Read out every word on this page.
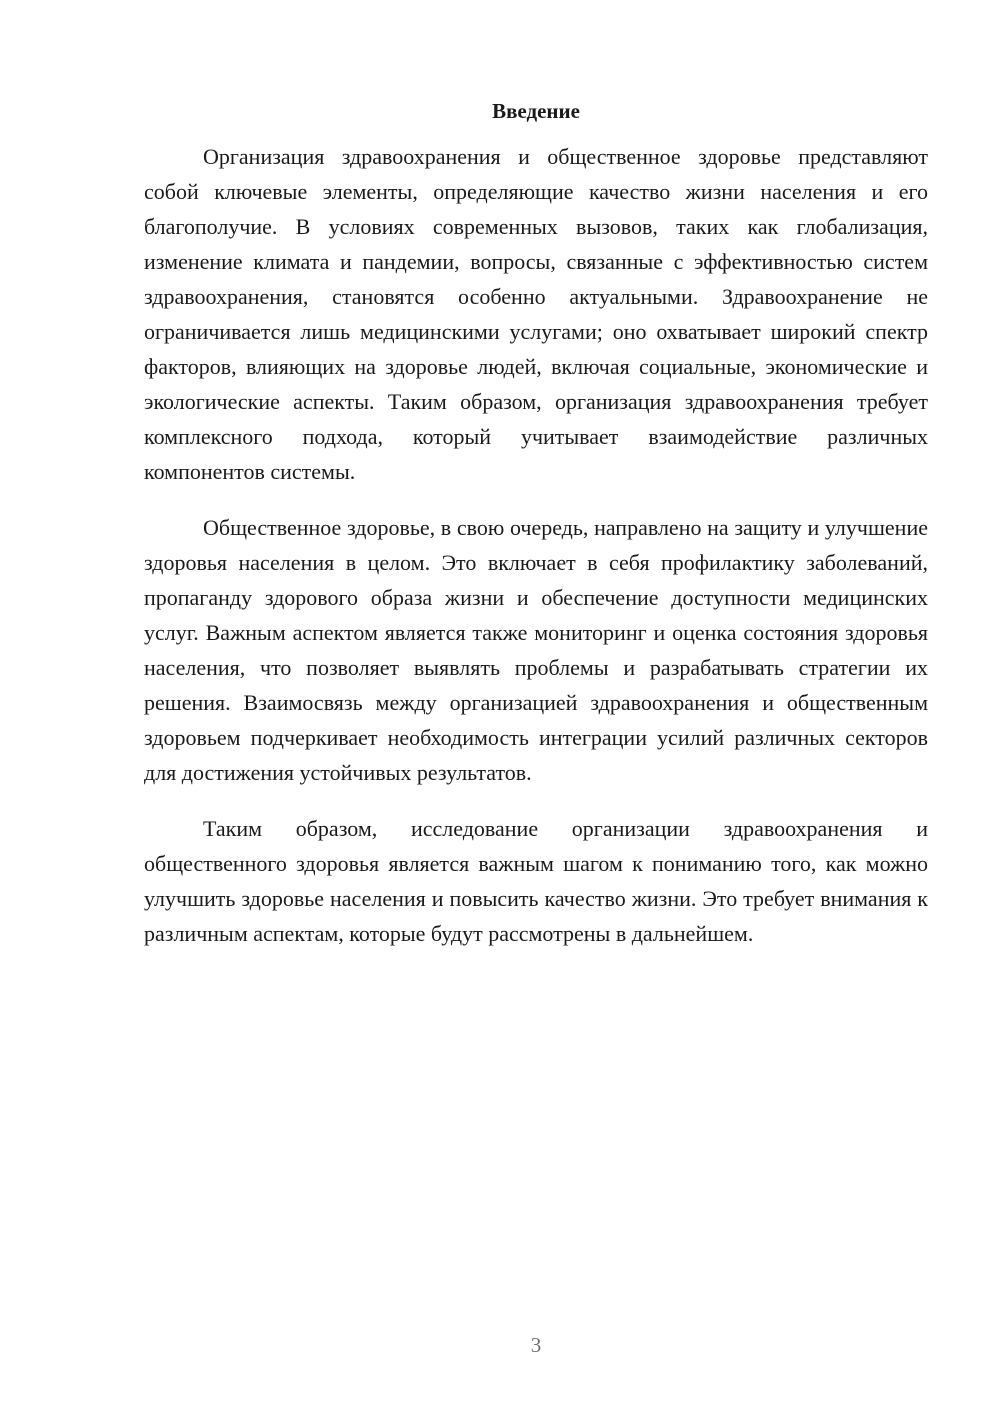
Введение

Организация здравоохранения и общественное здоровье представляют собой ключевые элементы, определяющие качество жизни населения и его благополучие. В условиях современных вызовов, таких как глобализация, изменение климата и пандемии, вопросы, связанные с эффективностью систем здравоохранения, становятся особенно актуальными. Здравоохранение не ограничивается лишь медицинскими услугами; оно охватывает широкий спектр факторов, влияющих на здоровье людей, включая социальные, экономические и экологические аспекты. Таким образом, организация здравоохранения требует комплексного подхода, который учитывает взаимодействие различных компонентов системы.

Общественное здоровье, в свою очередь, направлено на защиту и улучшение здоровья населения в целом. Это включает в себя профилактику заболеваний, пропаганду здорового образа жизни и обеспечение доступности медицинских услуг. Важным аспектом является также мониторинг и оценка состояния здоровья населения, что позволяет выявлять проблемы и разрабатывать стратегии их решения. Взаимосвязь между организацией здравоохранения и общественным здоровьем подчеркивает необходимость интеграции усилий различных секторов для достижения устойчивых результатов.

Таким образом, исследование организации здравоохранения и общественного здоровья является важным шагом к пониманию того, как можно улучшить здоровье населения и повысить качество жизни. Это требует внимания к различным аспектам, которые будут рассмотрены в дальнейшем.

3
